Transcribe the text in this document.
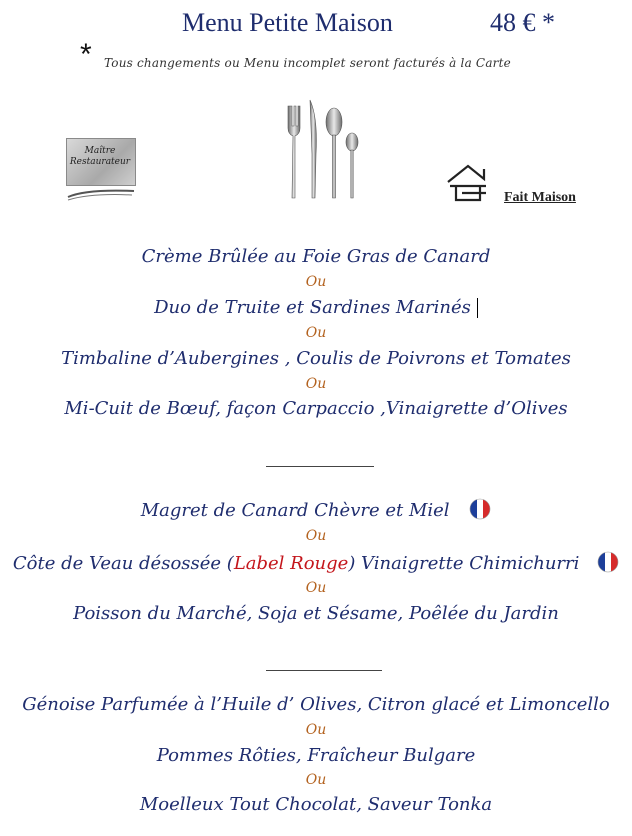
Menu Petite Maison	48 € *
* Tous changements ou Menu incomplet seront facturés à la Carte
Maître
Restaurateur
Fait Maison
Crème Brûlée au Foie Gras de Canard
Ou
Duo de Truite et Sardines Marinés
Ou
Timbaline d’Aubergines , Coulis de Poivrons et Tomates
Ou
Mi-Cuit de Bœuf, façon Carpaccio ,Vinaigrette d’Olives
Magret de Canard Chèvre et Miel
Ou
Côte de Veau désossée (Label Rouge) Vinaigrette Chimichurri
Ou
Poisson du Marché, Soja et Sésame, Poêlée du Jardin
Génoise Parfumée à l’Huile d’ Olives, Citron glacé et Limoncello
Ou
Pommes Rôties, Fraîcheur Bulgare
Ou
Moelleux Tout Chocolat, Saveur Tonka
